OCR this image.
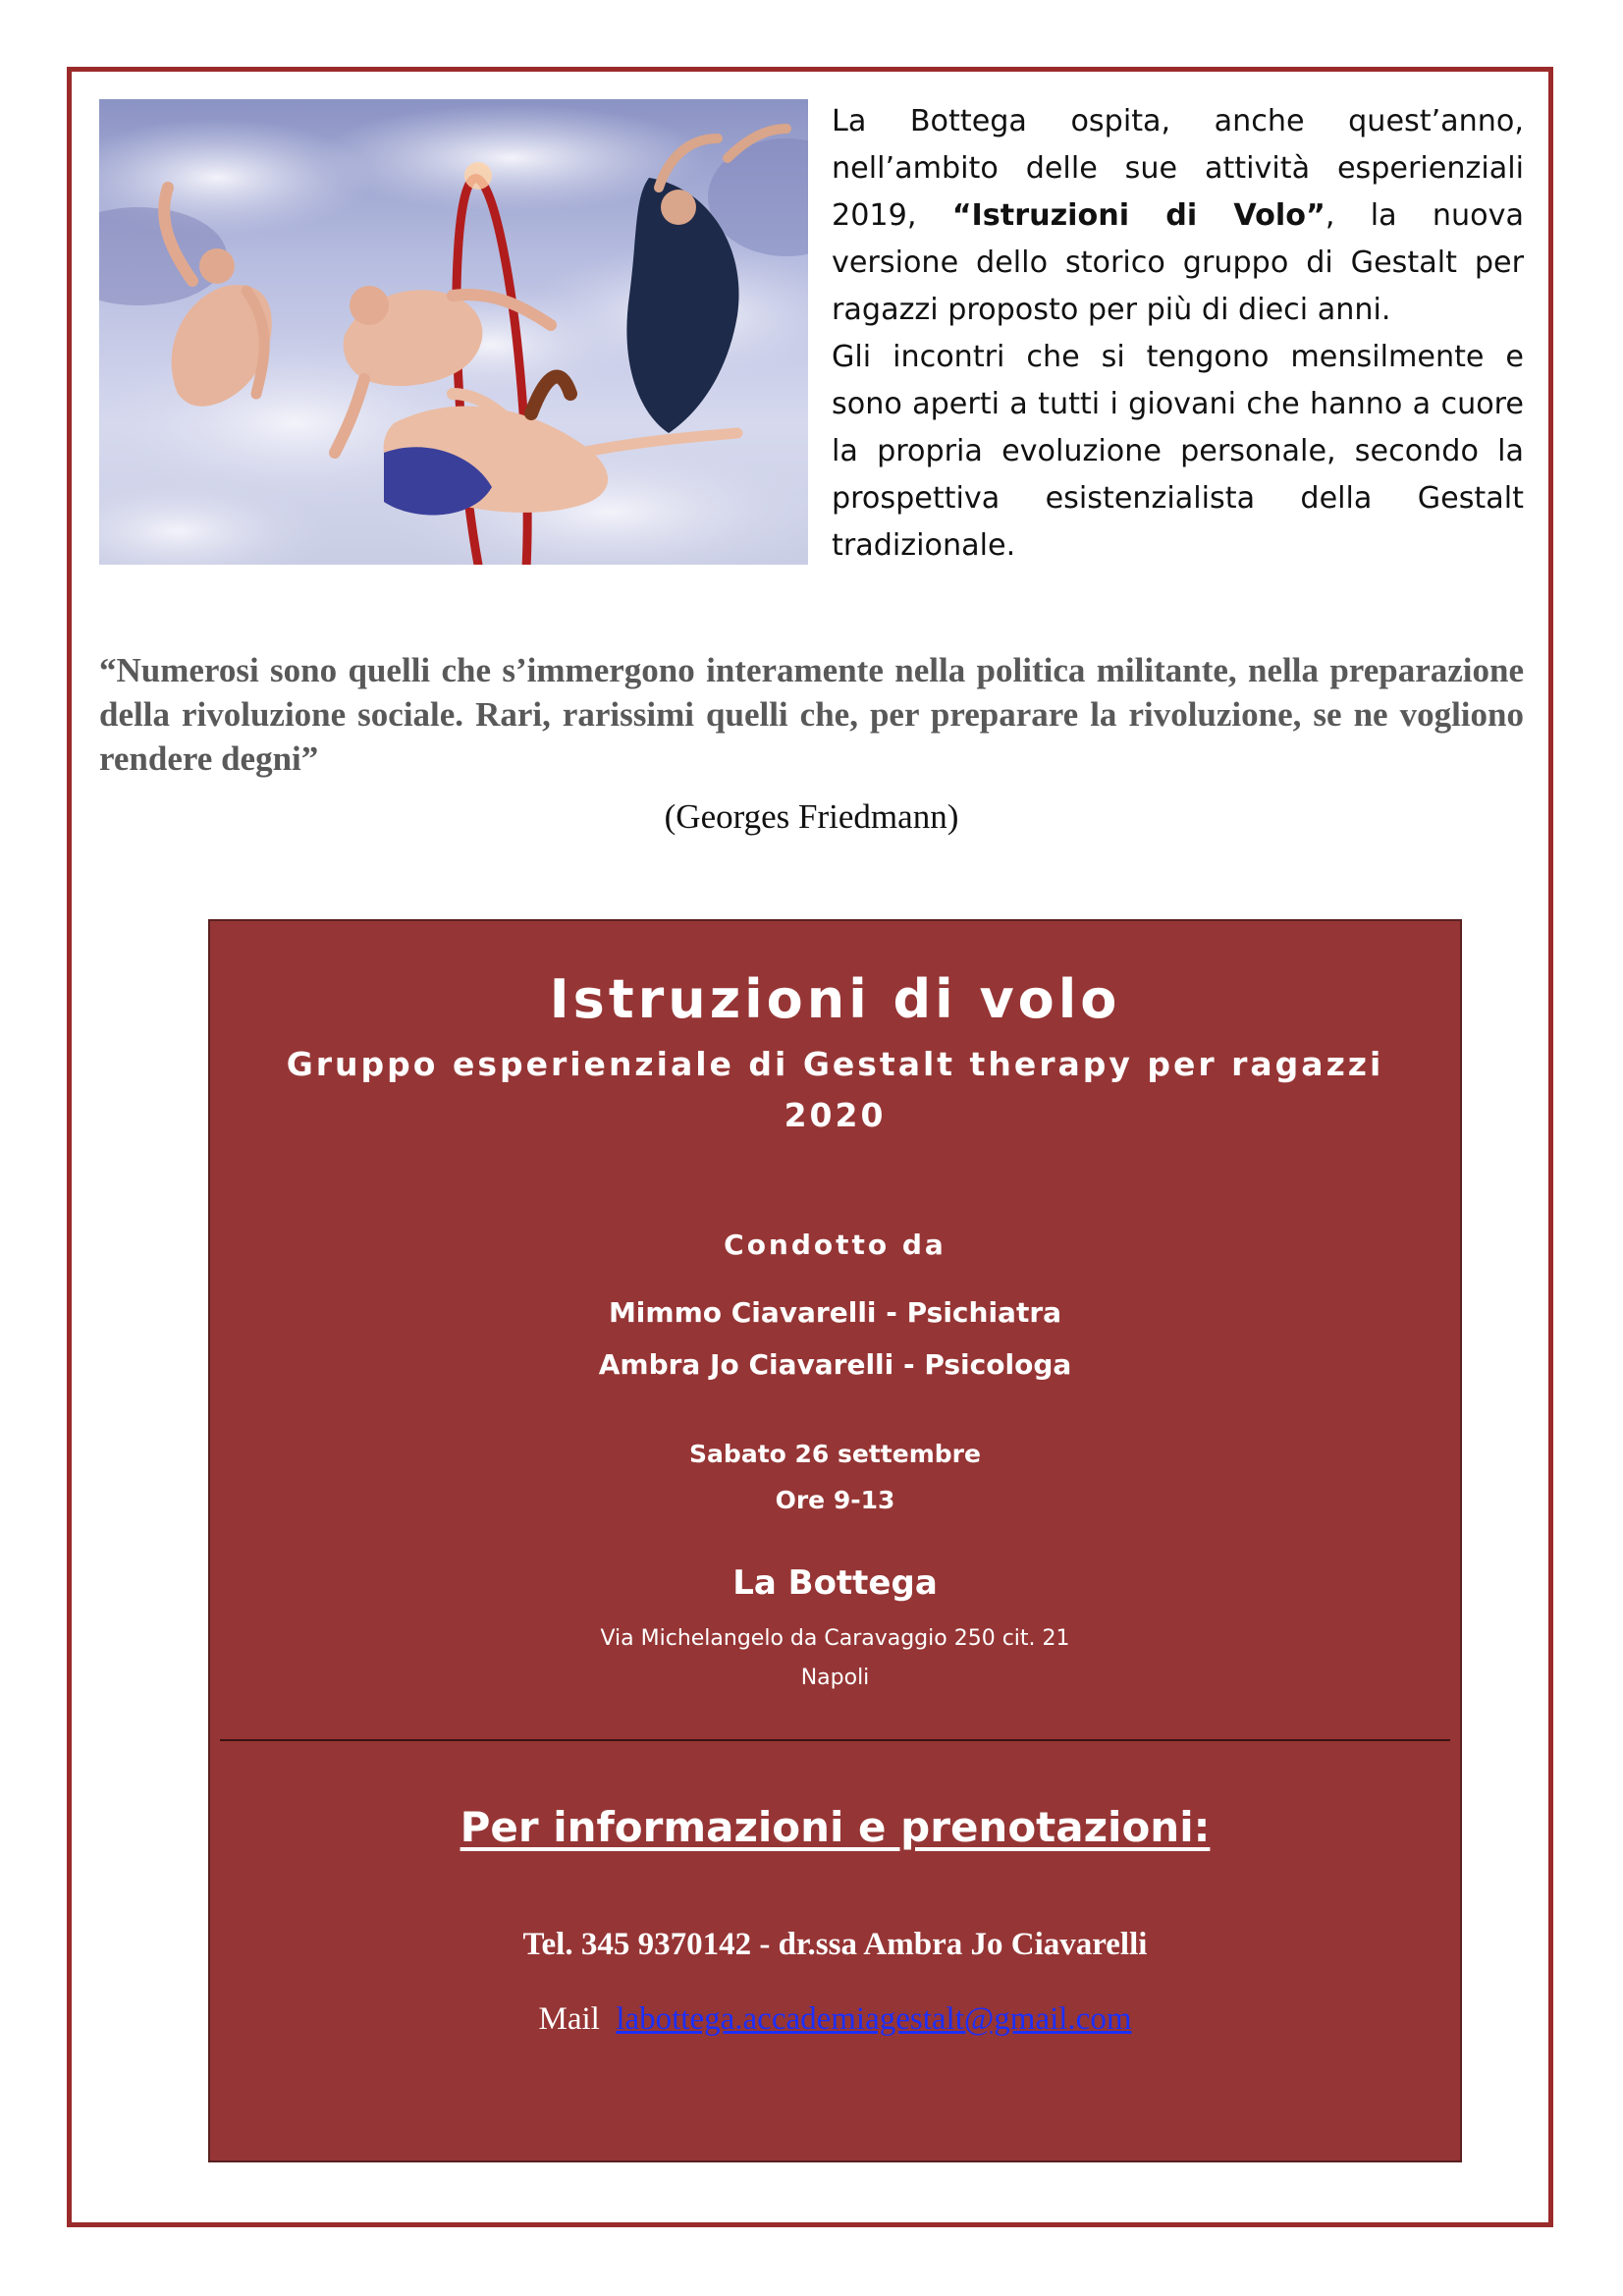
La Bottega ospita, anche quest’anno, nell’ambito delle sue attività esperienziali 2019, “Istruzioni di Volo”, la nuova versione dello storico gruppo di Gestalt per ragazzi proposto per più di dieci anni.

Gli incontri che si tengono mensilmente e sono aperti a tutti i giovani che hanno a cuore la propria evoluzione personale, secondo la prospettiva esistenzialista della Gestalt tradizionale.

“Numerosi sono quelli che s’immergono interamente nella politica militante, nella preparazione della rivoluzione sociale. Rari, rarissimi quelli che, per preparare la rivoluzione, se ne vogliono rendere degni”
(Georges Friedmann)
Istruzioni di volo
Gruppo esperienziale di Gestalt therapy per ragazzi
2020
Condotto da
Mimmo Ciavarelli - Psichiatra
Ambra Jo Ciavarelli - Psicologa
Sabato 26 settembre
Ore 9-13
La Bottega
Via Michelangelo da Caravaggio 250 cit. 21
Napoli
Per informazioni e prenotazioni:
Tel. 345 9370142 - dr.ssa Ambra Jo Ciavarelli
Mail labottega.accademiagestalt@gmail.com
